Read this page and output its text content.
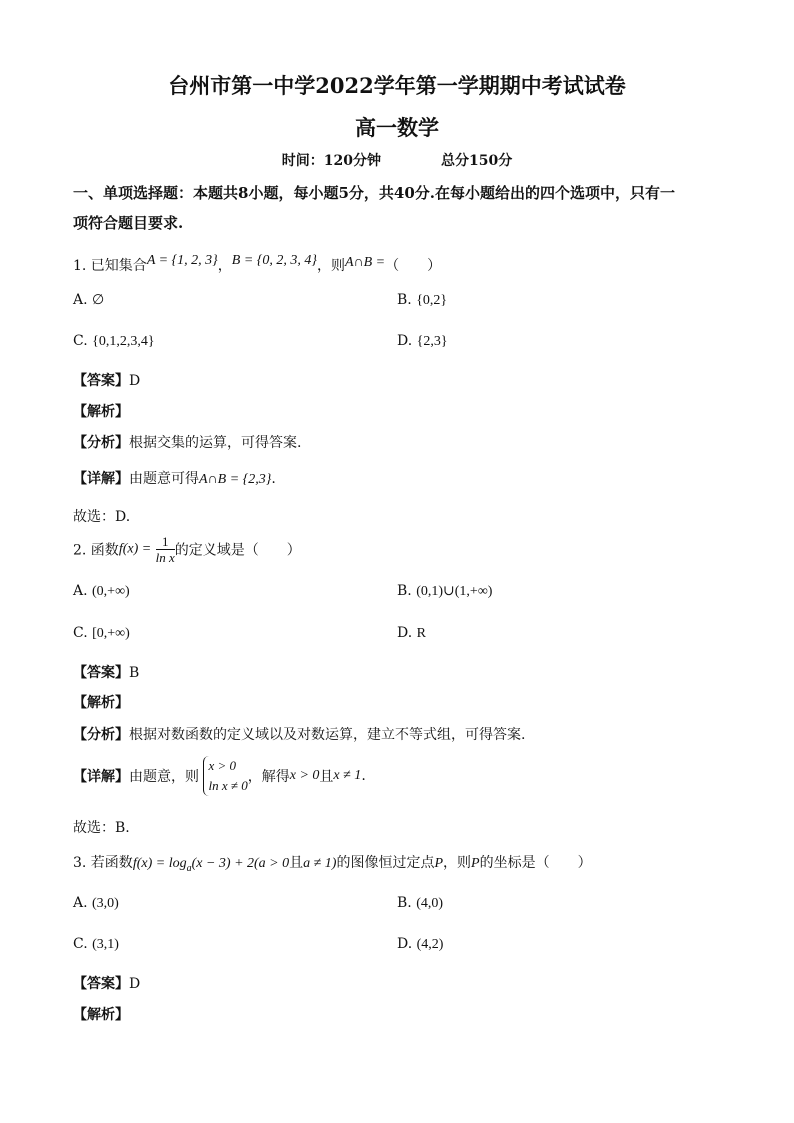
台州市第一中学2022学年第一学期期中考试试卷
高一数学
时间：120分钟	总分150分
一、单项选择题：本题共8小题，每小题5分，共40分.在每小题给出的四个选项中，只有一
项符合题目要求.
1. 已知集合A = {1, 2, 3}，B = {0, 2, 3, 4}，则A∩B =（　　）
A. ∅	B. {0,2}
C. {0,1,2,3,4}	D. {2,3}
【答案】D
【解析】
【分析】根据交集的运算，可得答案.
【详解】由题意可得A∩B = {2,3}.
故选：D.
2. 函数$f(x) = \frac{1}{\text{ln x}}$ 的定义域是（　　）
A. (0,+∞)	B. (0,1)∪(1,+∞)
C. [0,+∞)	D. R
【答案】B
【解析】
【分析】根据对数函数的定义域以及对数运算，建立不等式组，可得答案.
【详解】由题意，则
x > 0
ln x ≠ 0
，解得x > 0且x ≠ 1.
故选：B.
3. 若函数$f(x) = \log_a(x - 3) + 2(a > 0$且a ≠ 1)的图像恒过定点P，则P的坐标是（　　）
A. (3,0)	B. (4,0)
C. (3,1)	D. (4,2)
【答案】D
【解析】
